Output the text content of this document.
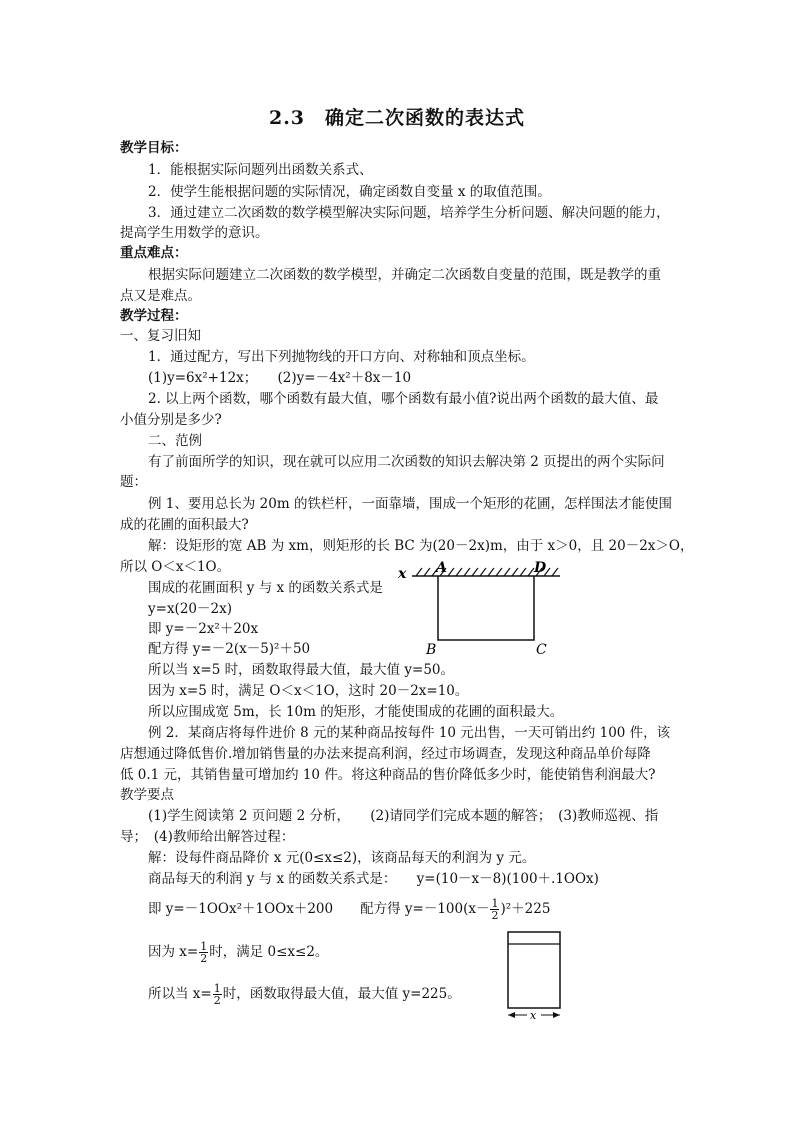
2.3　确定二次函数的表达式
教学目标：
1．能根据实际问题列出函数关系式、
2．使学生能根据问题的实际情况，确定函数自变量 x 的取值范围。
3．通过建立二次函数的数学模型解决实际问题，培养学生分析问题、解决问题的能力，
提高学生用数学的意识。
重点难点：
根据实际问题建立二次函数的数学模型，并确定二次函数自变量的范围，既是教学的重
点又是难点。
教学过程：
一、复习旧知
1．通过配方，写出下列抛物线的开口方向、对称轴和顶点坐标。
(1)y=6x²+12x；　　(2)y=－4x²＋8x－10
2. 以上两个函数，哪个函数有最大值，哪个函数有最小值?说出两个函数的最大值、最
小值分别是多少?
二、范例
有了前面所学的知识，现在就可以应用二次函数的知识去解决第 2 页提出的两个实际问
题：
例 1、要用总长为 20m 的铁栏杆，一面靠墙，围成一个矩形的花圃，怎样围法才能使围
成的花圃的面积最大?
解：设矩形的宽 AB 为 xm，则矩形的长 BC 为(20－2x)m，由于 x＞0，且 20－2x＞O，
所以 O＜x＜1O。
围成的花圃面积 y 与 x 的函数关系式是
y=x(20－2x)
即 y=－2x²＋20x
配方得 y=－2(x－5)²＋50
所以当 x=5 时，函数取得最大值，最大值 y=50。
因为 x=5 时，满足 O＜x＜1O，这时 20－2x=10。
所以应围成宽 5m，长 10m 的矩形，才能使围成的花圃的面积最大。
x A	D
B	C
例 2．某商店将每件进价 8 元的某种商品按每件 10 元出售，一天可销出约 100 件，该
店想通过降低售价.增加销售量的办法来提高利润，经过市场调查，发现这种商品单价每降
低 0.1 元，其销售量可增加约 10 件。将这种商品的售价降低多少时，能使销售利润最大?
教学要点
(1)学生阅读第 2 页问题 2 分析，　　(2)请同学们完成本题的解答；　(3)教师巡视、指
导；　(4)教师给出解答过程：
解：设每件商品降价 x 元(0≤x≤2)，该商品每天的利润为 y 元。
商品每天的利润 y 与 x 的函数关系式是：　　y=(10－x－8)(100＋.1OOx)
即 y=－1OOx²＋1OOx＋200　　配方得 $y=-100(x- \frac{1}{2} )^2+225$
因为 $x= \frac{1}{2}$ 时，满足 0≤x≤2。
所以当 $x= \frac{1}{2}$ 时，函数取得最大值，最大值 y=225。
x
